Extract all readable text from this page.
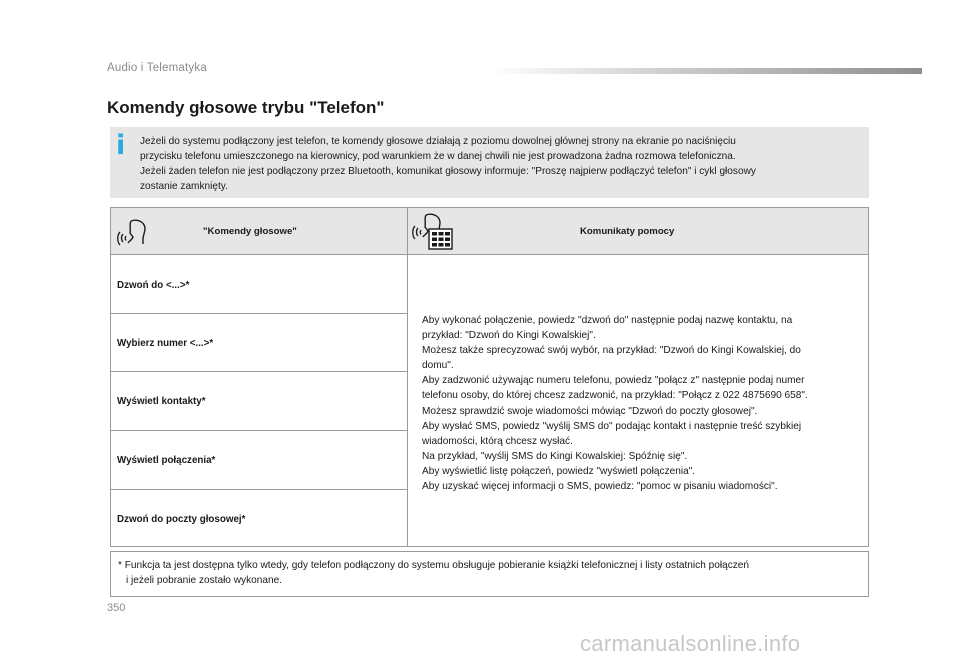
Audio i Telematyka
Komendy głosowe trybu "Telefon"
i Jeżeli do systemu podłączony jest telefon, te komendy głosowe działają z poziomu dowolnej głównej strony na ekranie po naciśnięciu
przycisku telefonu umieszczonego na kierownicy, pod warunkiem że w danej chwili nie jest prowadzona żadna rozmowa telefoniczna.
Jeżeli żaden telefon nie jest podłączony przez Bluetooth, komunikat głosowy informuje: "Proszę najpierw podłączyć telefon" i cykl głosowy
zostanie zamknięty.
"Komendy głosowe"	Komunikaty pomocy
Dzwoń do <...>*
Wybierz numer <...>*
Wyświetl kontakty*
Wyświetl połączenia*
Dzwoń do poczty głosowej*
Aby wykonać połączenie, powiedz "dzwoń do" następnie podaj nazwę kontaktu, na
przykład: "Dzwoń do Kingi Kowalskiej".
Możesz także sprecyzować swój wybór, na przykład: "Dzwoń do Kingi Kowalskiej, do
domu".
Aby zadzwonić używając numeru telefonu, powiedz "połącz z" następnie podaj numer
telefonu osoby, do której chcesz zadzwonić, na przykład: "Połącz z 022 4875690 658".
Możesz sprawdzić swoje wiadomości mówiąc "Dzwoń do poczty głosowej".
Aby wysłać SMS, powiedz "wyślij SMS do" podając kontakt i następnie treść szybkiej
wiadomości, którą chcesz wysłać.
Na przykład, "wyślij SMS do Kingi Kowalskiej: Spóźnię się".
Aby wyświetlić listę połączeń, powiedz "wyświetl połączenia".
Aby uzyskać więcej informacji o SMS, powiedz: "pomoc w pisaniu wiadomości".
* Funkcja ta jest dostępna tylko wtedy, gdy telefon podłączony do systemu obsługuje pobieranie książki telefonicznej i listy ostatnich połączeń
i jeżeli pobranie zostało wykonane.
350
carmanualsonline.info
